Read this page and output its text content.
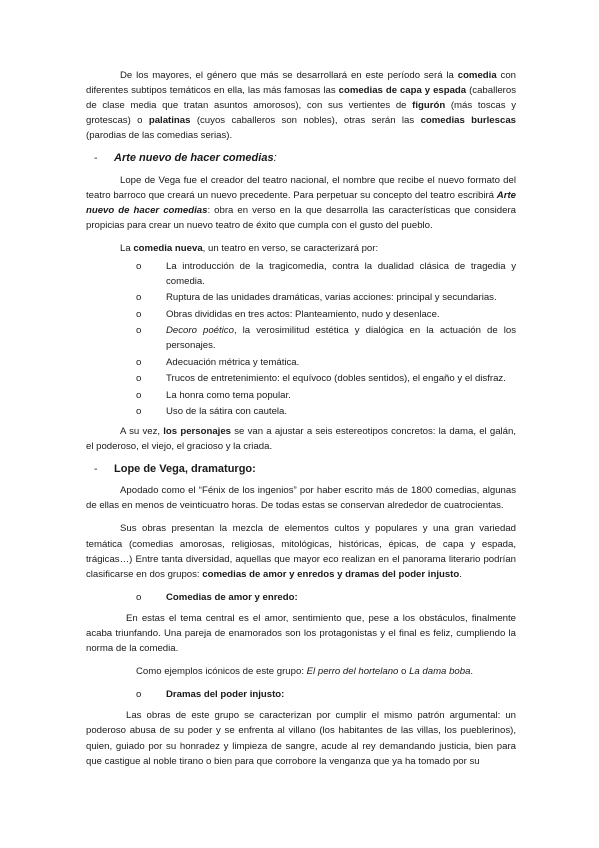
De los mayores, el género que más se desarrollará en este período será la comedia con diferentes subtipos temáticos en ella, las más famosas las comedias de capa y espada (caballeros de clase media que tratan asuntos amorosos), con sus vertientes de figurón (más toscas y grotescas) o palatinas (cuyos caballeros son nobles), otras serán las comedias burlescas (parodias de las comedias serias).

-	Arte nuevo de hacer comedias:

Lope de Vega fue el creador del teatro nacional, el nombre que recibe el nuevo formato del teatro barroco que creará un nuevo precedente. Para perpetuar su concepto del teatro escribirá Arte nuevo de hacer comedias: obra en verso en la que desarrolla las características que considera propicias para crear un nuevo teatro de éxito que cumpla con el gusto del pueblo.

La comedia nueva, un teatro en verso, se caracterizará por:

o	La introducción de la tragicomedia, contra la dualidad clásica de tragedia y comedia.
o	Ruptura de las unidades dramáticas, varias acciones: principal y secundarias.
o	Obras divididas en tres actos: Planteamiento, nudo y desenlace.
o	Decoro poético, la verosimilitud estética y dialógica en la actuación de los personajes.
o	Adecuación métrica y temática.
o	Trucos de entretenimiento: el equívoco (dobles sentidos), el engaño y el disfraz.
o	La honra como tema popular.
o	Uso de la sátira con cautela.

A su vez, los personajes se van a ajustar a seis estereotipos concretos: la dama, el galán, el poderoso, el viejo, el gracioso y la criada.

-	Lope de Vega, dramaturgo:

Apodado como el “Fénix de los ingenios” por haber escrito más de 1800 comedias, algunas de ellas en menos de veinticuatro horas. De todas estas se conservan alrededor de cuatrocientas.

Sus obras presentan la mezcla de elementos cultos y populares y una gran variedad temática (comedias amorosas, religiosas, mitológicas, históricas, épicas, de capa y espada, trágicas…) Entre tanta diversidad, aquellas que mayor eco realizan en el panorama literario podrían clasificarse en dos grupos: comedias de amor y enredos y dramas del poder injusto.

o	Comedias de amor y enredo:

En estas el tema central es el amor, sentimiento que, pese a los obstáculos, finalmente acaba triunfando. Una pareja de enamorados son los protagonistas y el final es feliz, cumpliendo la norma de la comedia.

Como ejemplos icónicos de este grupo: El perro del hortelano o La dama boba.

o	Dramas del poder injusto:

Las obras de este grupo se caracterizan por cumplir el mismo patrón argumental: un poderoso abusa de su poder y se enfrenta al villano (los habitantes de las villas, los pueblerinos), quien, guiado por su honradez y limpieza de sangre, acude al rey demandando justicia, bien para que castigue al noble tirano o bien para que corrobore la venganza que ya ha tomado por su
